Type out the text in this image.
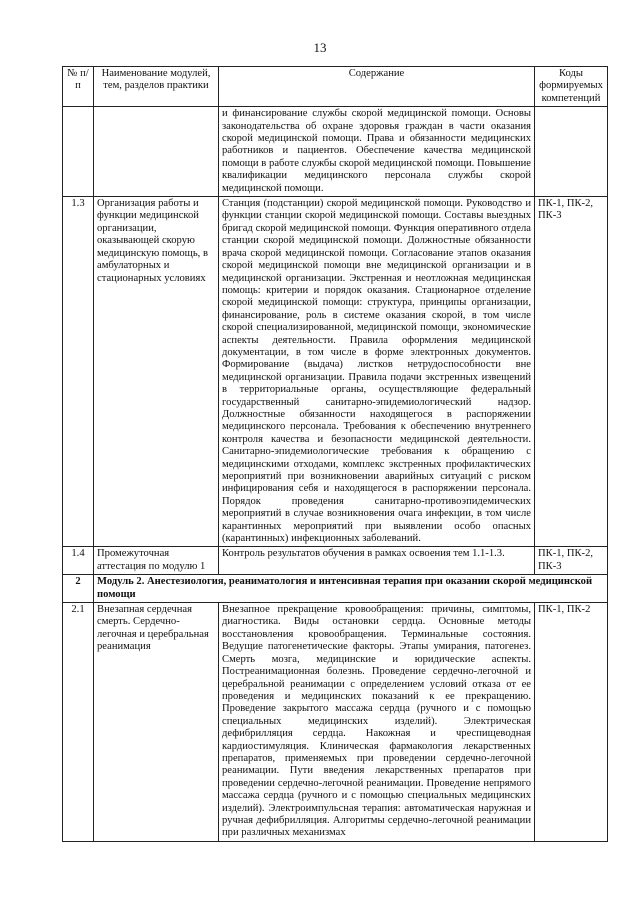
13
№ п/п	Наименование модулей, тем, разделов практики	Содержание	Коды формируемых компетенций
		и финансирование службы скорой медицинской помощи. Основы законодательства об охране здоровья граждан в части оказания скорой медицинской помощи. Права и обязанности медицинских работников и пациентов. Обеспечение качества медицинской помощи в работе службы скорой медицинской помощи. Повышение квалификации медицинского персонала службы скорой медицинской помощи.	
1.3	Организация работы и функции медицинской организации, оказывающей скорую медицинскую помощь, в амбулаторных и стационарных условиях	Станция (подстанции) скорой медицинской помощи. Руководство и функции станции скорой медицинской помощи. Составы выездных бригад скорой медицинской помощи. Функция оперативного отдела станции скорой медицинской помощи. Должностные обязанности врача скорой медицинской помощи. Согласование этапов оказания скорой медицинской помощи вне медицинской организации и в медицинской организации. Экстренная и неотложная медицинская помощь: критерии и порядок оказания. Стационарное отделение скорой медицинской помощи: структура, принципы организации, финансирование, роль в системе оказания скорой, в том числе скорой специализированной, медицинской помощи, экономические аспекты деятельности. Правила оформления медицинской документации, в том числе в форме электронных документов. Формирование (выдача) листков нетрудоспособности вне медицинской организации. Правила подачи экстренных извещений в территориальные органы, осуществляющие федеральный государственный санитарно-эпидемиологический надзор. Должностные обязанности находящегося в распоряжении медицинского персонала. Требования к обеспечению внутреннего контроля качества и безопасности медицинской деятельности. Санитарно-эпидемиологические требования к обращению с медицинскими отходами, комплекс экстренных профилактических мероприятий при возникновении аварийных ситуаций с риском инфицирования себя и находящегося в распоряжении персонала. Порядок проведения санитарно-противоэпидемических мероприятий в случае возникновения очага инфекции, в том числе карантинных мероприятий при выявлении особо опасных (карантинных) инфекционных заболеваний.	ПК-1, ПК-2, ПК-3
1.4	Промежуточная аттестация по модулю 1	Контроль результатов обучения в рамках освоения тем 1.1-1.3.	ПК-1, ПК-2, ПК-3
2	Модуль 2. Анестезиология, реаниматология и интенсивная терапия при оказании скорой медицинской помощи		
2.1	Внезапная сердечная смерть. Сердечно-легочная и церебральная реанимация	Внезапное прекращение кровообращения: причины, симптомы, диагностика. Виды остановки сердца. Основные методы восстановления кровообращения. Терминальные состояния. Ведущие патогенетические факторы. Этапы умирания, патогенез. Смерть мозга, медицинские и юридические аспекты. Постреанимационная болезнь. Проведение сердечно-легочной и церебральной реанимации с определением условий отказа от ее проведения и медицинских показаний к ее прекращению. Проведение закрытого массажа сердца (ручного и с помощью специальных медицинских изделий). Электрическая дефибрилляция сердца. Накожная и чреспищеводная кардиостимуляция. Клиническая фармакология лекарственных препаратов, применяемых при проведении сердечно-легочной реанимации. Пути введения лекарственных препаратов при проведении сердечно-легочной реанимации. Проведение непрямого массажа сердца (ручного и с помощью специальных медицинских изделий). Электроимпульсная терапия: автоматическая наружная и ручная дефибрилляция. Алгоритмы сердечно-легочной реанимации при различных механизмах	ПК-1, ПК-2
